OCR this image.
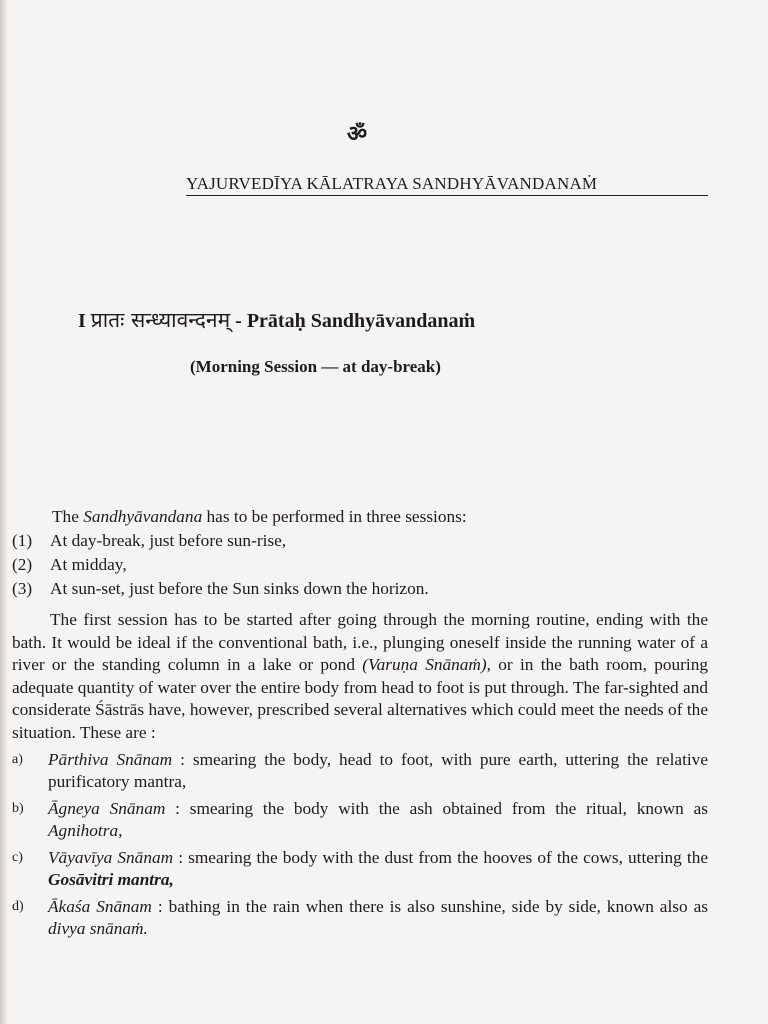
ॐ
YAJURVEDĪYA KĀLATRAYA SANDHYĀVANDANAṀ
I प्रातः सन्ध्यावन्दनम् - Prātaḥ Sandhyāvandanaṁ
(Morning Session — at day-break)

The Sandhyāvandana has to be performed in three sessions:

(1)	At day-break, just before sun-rise,

(2)	At midday,

(3)	At sun-set, just before the Sun sinks down the horizon.

The first session has to be started after going through the morning routine, ending with the bath. It would be ideal if the conventional bath, i.e., plunging oneself inside the running water of a river or the standing column in a lake or pond (Varuṇa Snānaṁ), or in the bath room, pouring adequate quantity of water over the entire body from head to foot is put through. The far-sighted and considerate Śāstrās have, however, prescribed several alternatives which could meet the needs of the situation. These are :

a)	Pārthiva Snānam : smearing the body, head to foot, with pure earth, uttering the relative purificatory mantra,
b)	Āgneya Snānam : smearing the body with the ash obtained from the ritual, known as Agnihotra,
c)	Vāyavīya Snānam : smearing the body with the dust from the hooves of the cows, uttering the Gosāvitri mantra,
d)	Ākaśa Snānam : bathing in the rain when there is also sunshine, side by side, known also as divya snānaṁ.
